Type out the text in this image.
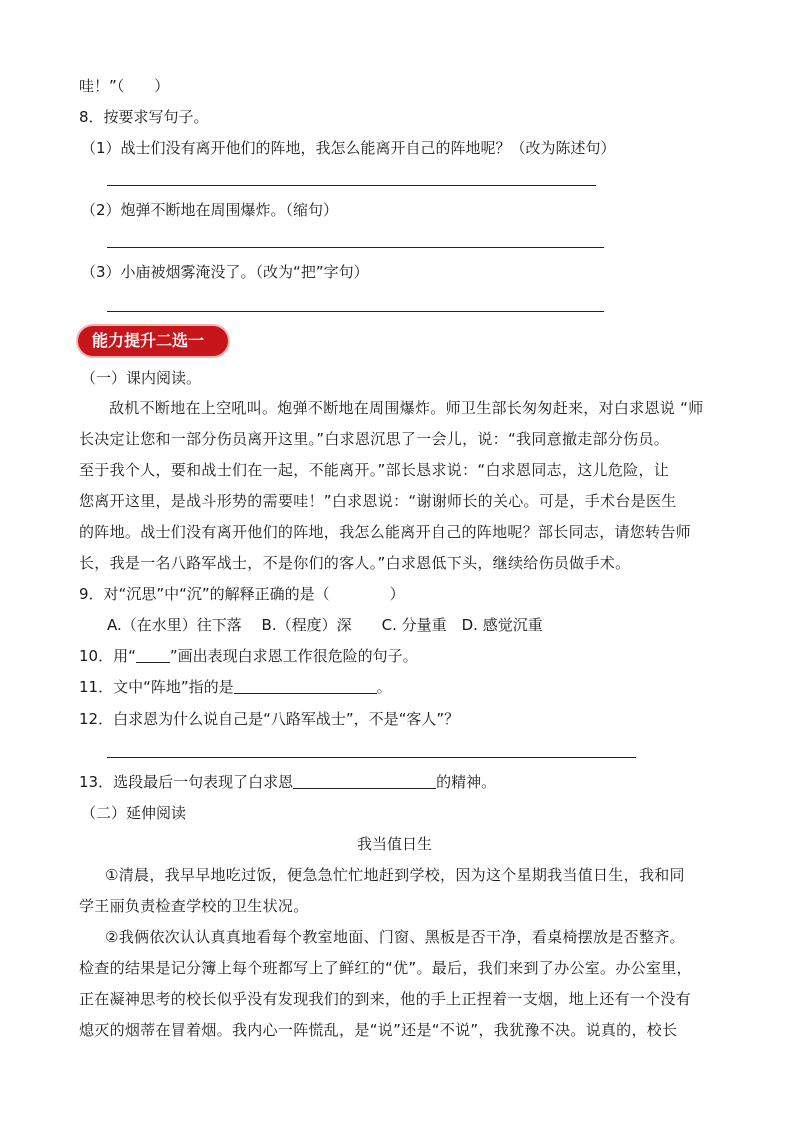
哇！”（　　）
8．按要求写句子。
（1）战士们没有离开他们的阵地，我怎么能离开自己的阵地呢？（改为陈述句）
（2）炮弹不断地在周围爆炸。（缩句）
（3）小庙被烟雾淹没了。（改为“把”字句）
能力提升二选一
（一）课内阅读。
敌机不断地在上空吼叫。炮弹不断地在周围爆炸。师卫生部长匆匆赶来，对白求恩说 “师
长决定让您和一部分伤员离开这里。”白求恩沉思了一会儿，说：“我同意撤走部分伤员。
至于我个人，要和战士们在一起，不能离开。”部长恳求说：“白求恩同志，这儿危险，让
您离开这里，是战斗形势的需要哇！”白求恩说：“谢谢师长的关心。可是，手术台是医生
的阵地。战士们没有离开他们的阵地，我怎么能离开自己的阵地呢？部长同志，请您转告师
长，我是一名八路军战士，不是你们的客人。”白求恩低下头，继续给伤员做手术。
9．对“沉思”中“沉”的解释正确的是（　　　　）
A.（在水里）往下落　 B.（程度）深　　C. 分量重　D. 感觉沉重
10．用“ ”画出表现白求恩工作很危险的句子。
11．文中“阵地”指的是	。
12．白求恩为什么说自己是“八路军战士”，不是“客人”？
13．选段最后一句表现了白求恩	的精神。
（二）延伸阅读
我当值日生
①清晨，我早早地吃过饭，便急急忙忙地赶到学校，因为这个星期我当值日生，我和同
学王丽负责检查学校的卫生状况。
②我俩依次认认真真地看每个教室地面、门窗、黑板是否干净，看桌椅摆放是否整齐。
检查的结果是记分簿上每个班都写上了鲜红的“优”。最后，我们来到了办公室。办公室里，
正在凝神思考的校长似乎没有发现我们的到来，他的手上正捏着一支烟，地上还有一个没有
熄灭的烟蒂在冒着烟。我内心一阵慌乱，是“说”还是“不说”，我犹豫不决。说真的，校长
